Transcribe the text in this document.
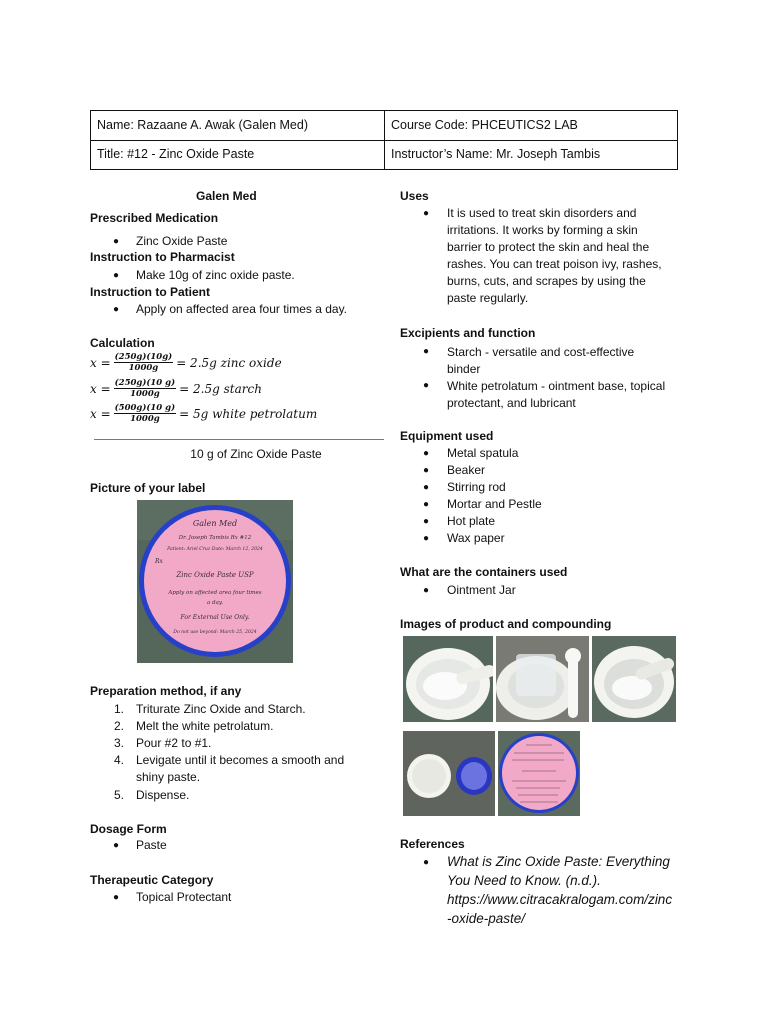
Name: Razaane A. Awak (Galen Med)	Course Code: PHCEUTICS2 LAB
Title: #12 - Zinc Oxide Paste	Instructor’s Name: Mr. Joseph Tambis
Galen Med
Prescribed Medication
● Zinc Oxide Paste
Instruction to Pharmacist
● Make 10g of zinc oxide paste.
Instruction to Patient
● Apply on affected area four times a day.
Calculation
$x = \frac{(250g)(10g)}{1000g} = 2.5g$ zinc oxide
$x = \frac{(250g)(10 g)}{1000g} = 2.5g$ starch
$x = \frac{(500g)(10 g)}{1000g} = 5g$ white petrolatum
10 g of Zinc Oxide Paste
Picture of your label
Galen Med
Dr. Joseph Tambis Rx #12
Patient: Ariel Cruz Date: March 12, 2024
Rx
Zinc Oxide Paste USP
Apply on affected area four times
a day.
For External Use Only.
Do not use beyond: March 25, 2024
Preparation method, if any
1. Triturate Zinc Oxide and Starch.
2. Melt the white petrolatum.
3. Pour #2 to #1.
4. Levigate until it becomes a smooth and
shiny paste.
5. Dispense.
Dosage Form
● Paste
Therapeutic Category
● Topical Protectant
Uses
● It is used to treat skin disorders and
irritations. It works by forming a skin
barrier to protect the skin and heal the
rashes. You can treat poison ivy, rashes,
burns, cuts, and scrapes by using the
paste regularly.
Excipients and function
● Starch - versatile and cost-effective
binder
● White petrolatum - ointment base, topical
protectant, and lubricant
Equipment used
● Metal spatula
● Beaker
● Stirring rod
● Mortar and Pestle
● Hot plate
● Wax paper
What are the containers used
● Ointment Jar
Images of product and compounding
References
● What is Zinc Oxide Paste: Everything
You Need to Know. (n.d.).
https://www.citracakralogam.com/zinc
-oxide-paste/
